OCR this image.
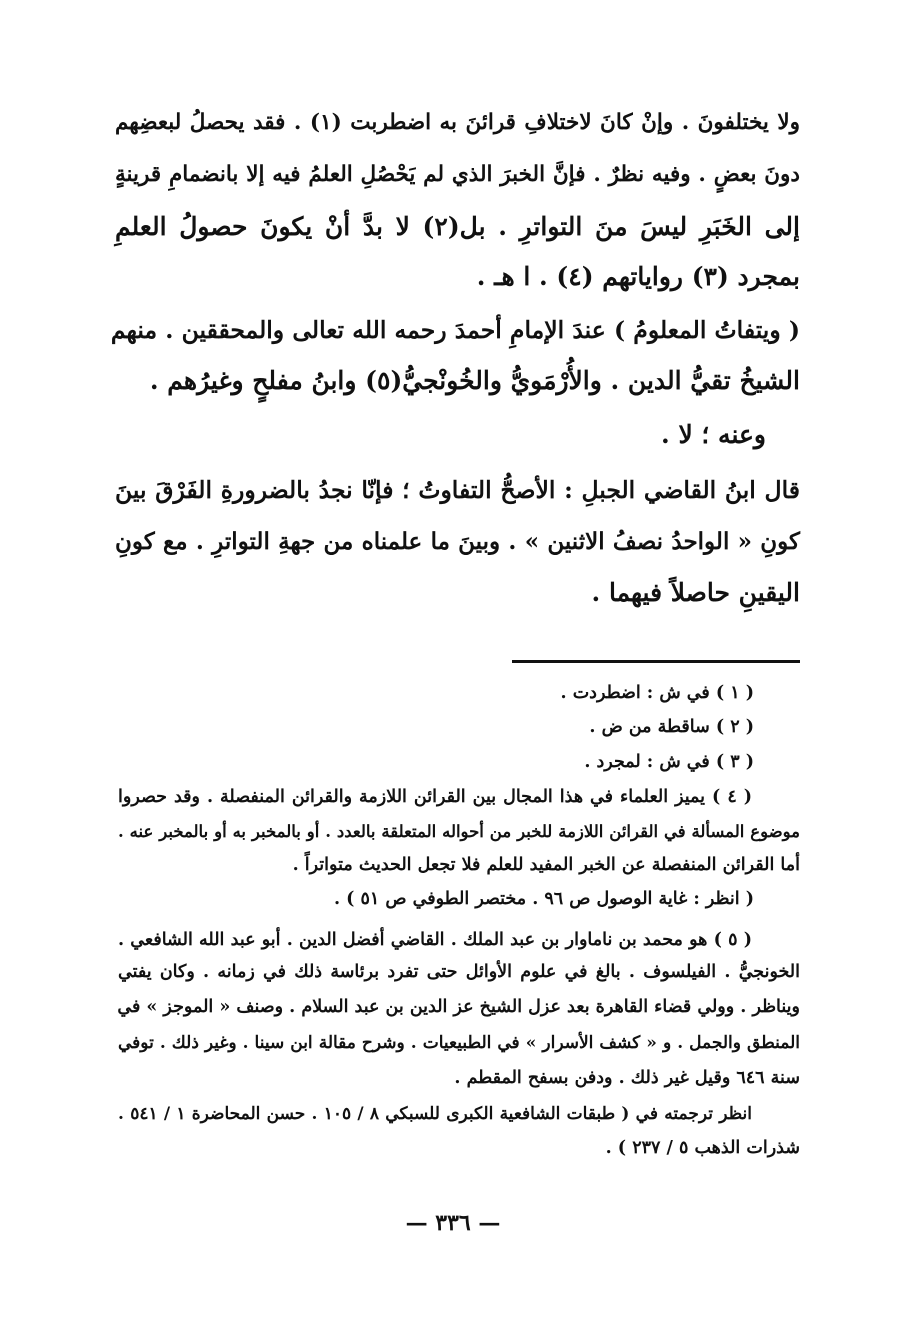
ولا يختلفونَ . وإنْ كانَ لاختلافِ قرائنَ به اضطربت (١) . فقد يحصلُ لبعضِهم
دونَ بعضٍ . وفيه نظرٌ . فإنَّ الخبرَ الذي لم يَحْصُلِ العلمُ فيه إلا بانضمامِ قرينةٍ
إلى الخَبَرِ ليسَ منَ التواترِ . بل(٢) لا بدَّ أنْ يكونَ حصولُ العلمِ
بمجرد (٣) رواياتهم (٤) . ا هـ .
( ويتفاتُ المعلومُ ) عندَ الإمامِ أحمدَ رحمه الله تعالى والمحققين . منهم
الشيخُ تقيُّ الدين . والأُرْمَويُّ والخُونْجيُّ(٥) وابنُ مفلحٍ وغيرُهم .
وعنه ؛ لا .
قال ابنُ القاضي الجبلِ : الأصحُّ التفاوتُ ؛ فإنّا نجدُ بالضرورةِ الفَرْقَ بينَ
كونِ « الواحدُ نصفُ الاثنين » . وبينَ ما علمناه من جهةِ التواترِ . مع كونِ
اليقينِ حاصلاً فيهما .
( ١ ) في ش : اضطردت .
( ٢ ) ساقطة من ض .
( ٣ ) في ش : لمجرد .
( ٤ ) يميز العلماء في هذا المجال بين القرائن اللازمة والقرائن المنفصلة . وقد حصروا
موضوع المسألة في القرائن اللازمة للخبر من أحواله المتعلقة بالعدد . أو بالمخبر به أو بالمخبر عنه .
أما القرائن المنفصلة عن الخبر المفيد للعلم فلا تجعل الحديث متواتراً .
( انظر : غاية الوصول ص ٩٦ . مختصر الطوفي ص ٥١ ) .
( ٥ ) هو محمد بن ناماوار بن عبد الملك . القاضي أفضل الدين . أبو عبد الله الشافعي .
الخونجيُّ . الفيلسوف . بالغ في علوم الأوائل حتى تفرد برئاسة ذلك في زمانه . وكان يفتي
ويناظر . وولي قضاء القاهرة بعد عزل الشيخ عز الدين بن عبد السلام . وصنف « الموجز » في
المنطق والجمل . و « كشف الأسرار » في الطبيعيات . وشرح مقالة ابن سينا . وغير ذلك . توفي
سنة ٦٤٦ وقيل غير ذلك . ودفن بسفح المقطم .
انظر ترجمته في ( طبقات الشافعية الكبرى للسبكي ٨ / ١٠٥ . حسن المحاضرة ١ / ٥٤١ .
شذرات الذهب ٥ / ٢٣٧ ) .
— ٣٣٦ —
